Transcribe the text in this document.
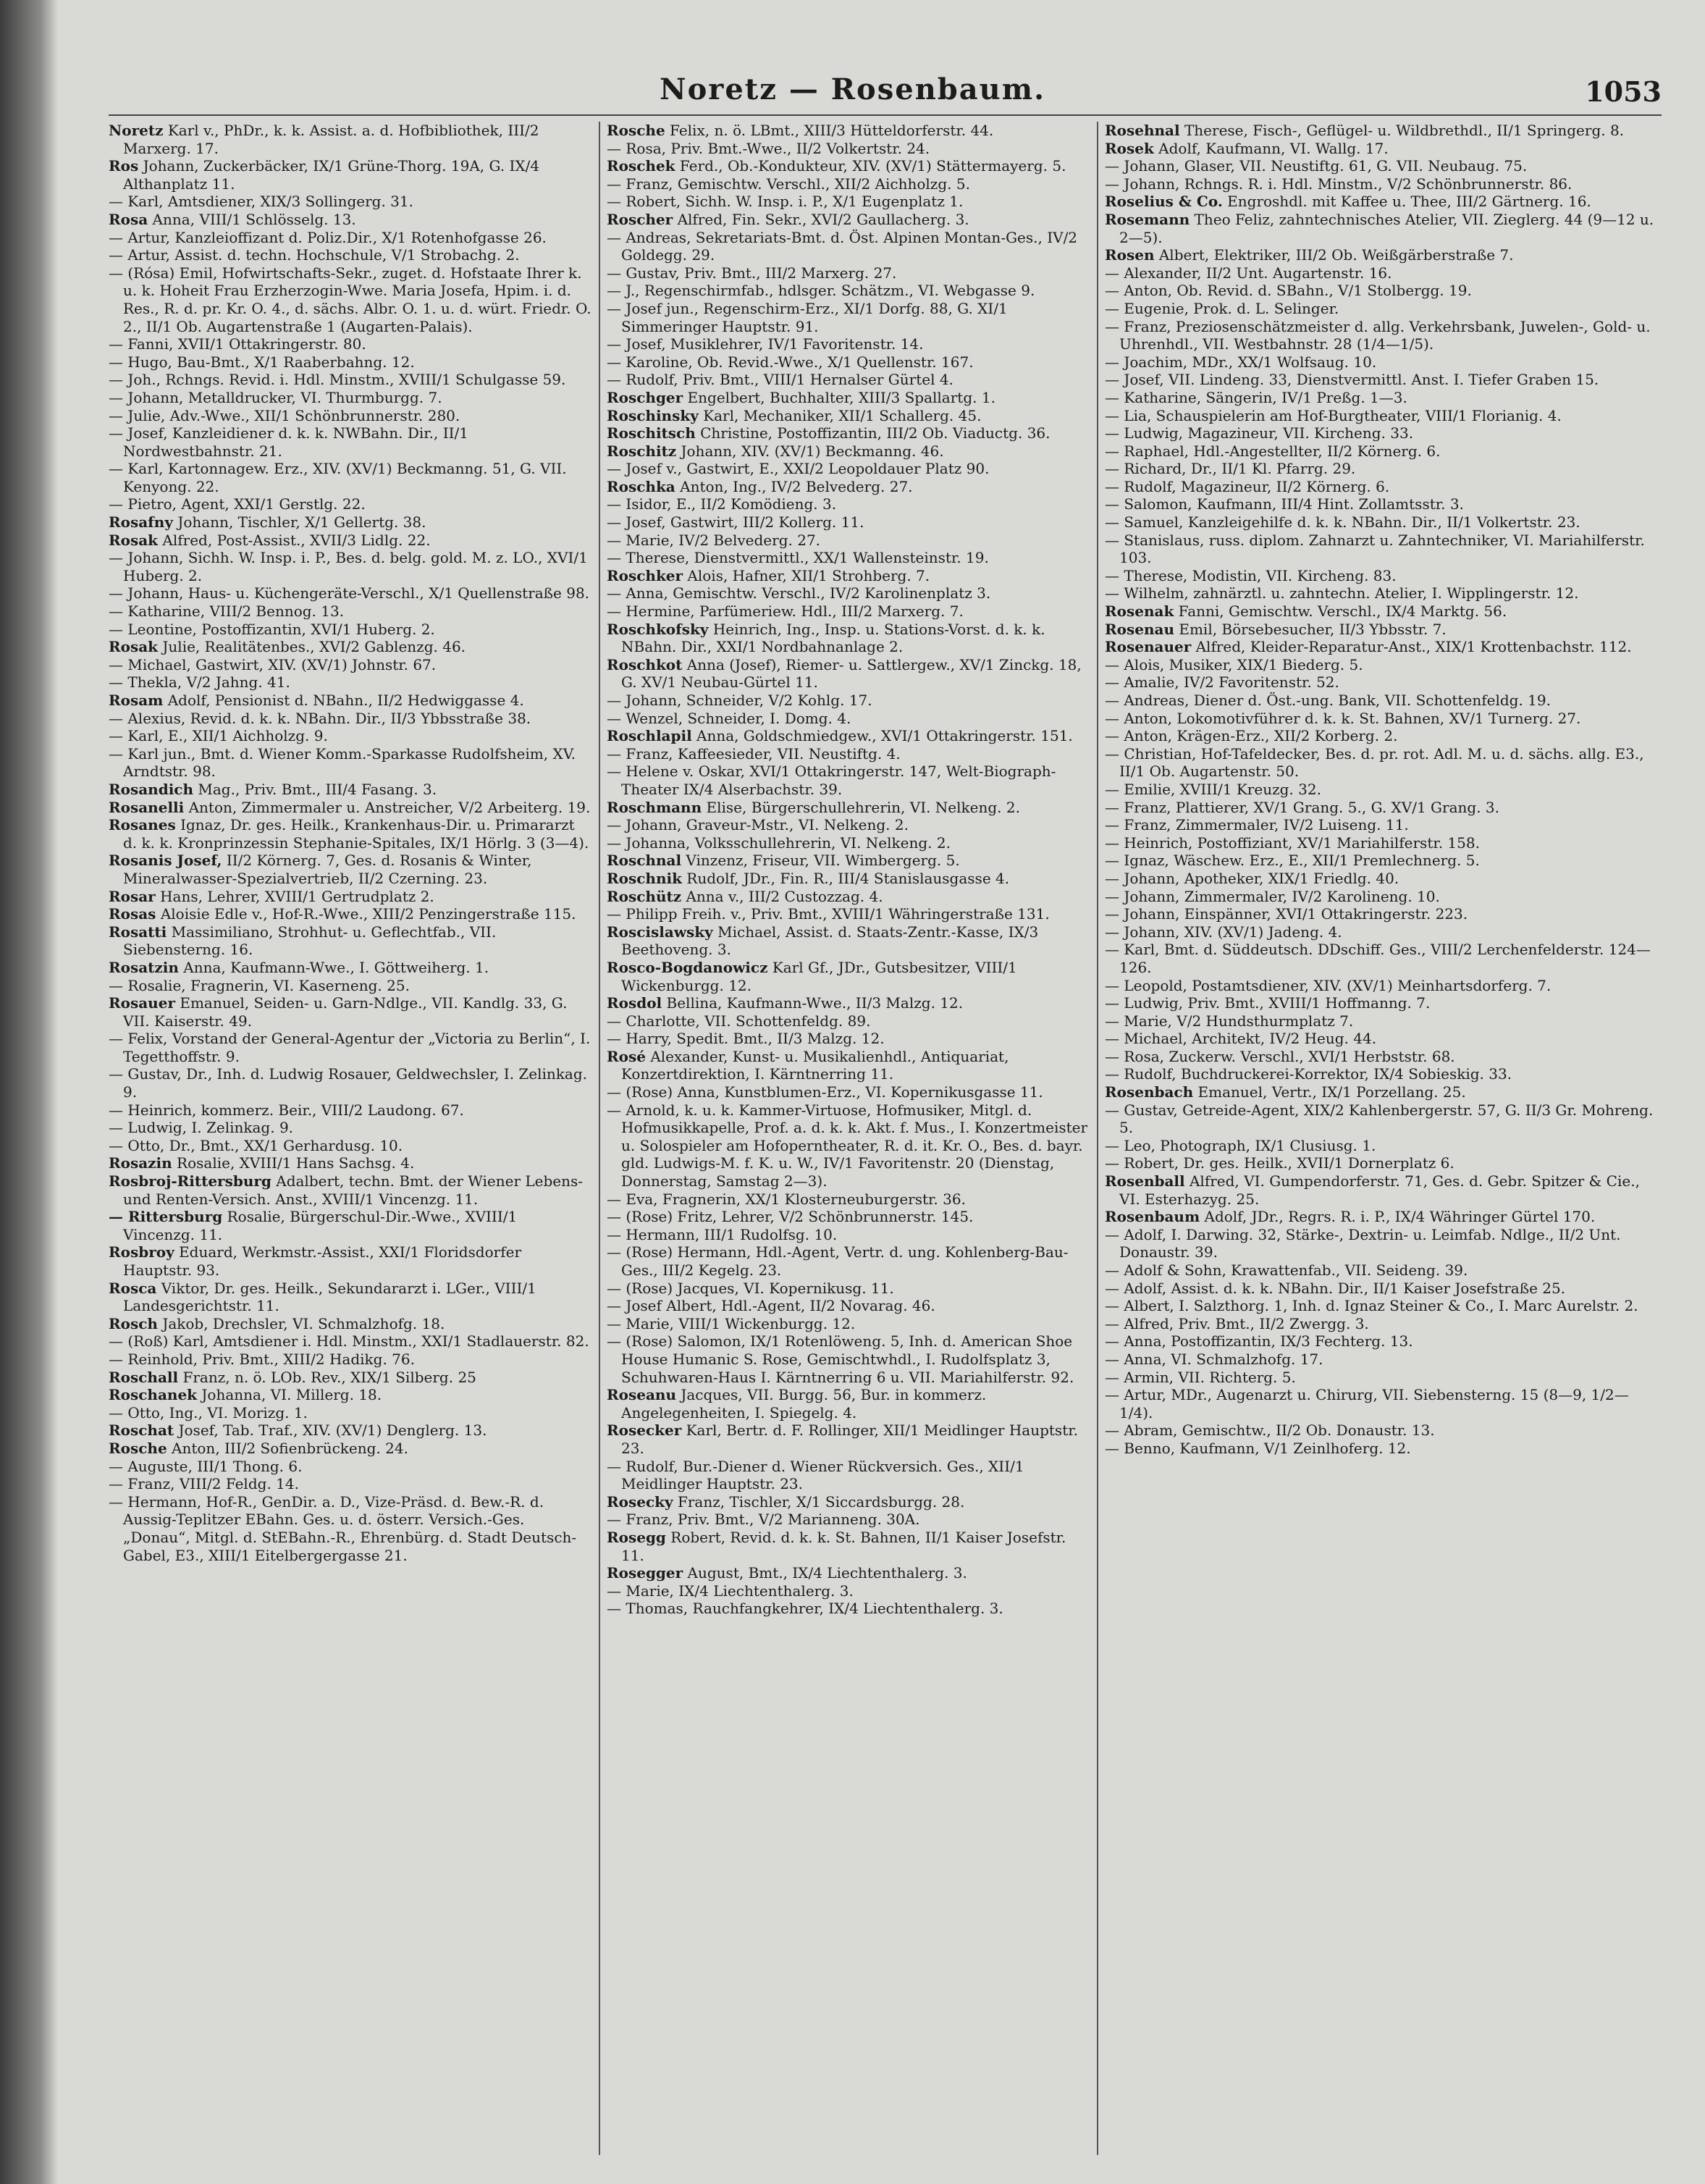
Noretz — Rosenbaum.	1053
Noretz Karl v., PhDr., k. k. Assist. a. d. Hofbibliothek, III/2 Marxerg. 17.
Ros Johann, Zuckerbäcker, IX/1 Grüne-Thorg. 19A, G. IX/4 Althanplatz 11.
— Karl, Amtsdiener, XIX/3 Sollingerg. 31.
Rosa Anna, VIII/1 Schlösselg. 13.
— Artur, Kanzleioffizant d. Poliz.Dir., X/1 Rotenhofgasse 26.
— Artur, Assist. d. techn. Hochschule, V/1 Strobachg. 2.
— (Rósa) Emil, Hofwirtschafts-Sekr., zuget. d. Hofstaate Ihrer k. u. k. Hoheit Frau Erzherzogin-Wwe. Maria Josefa, Hpim. i. d. Res., R. d. pr. Kr. O. 4., d. sächs. Albr. O. 1. u. d. würt. Friedr. O. 2., II/1 Ob. Augartenstraße 1 (Augarten-Palais).
— Fanni, XVII/1 Ottakringerstr. 80.
— Hugo, Bau-Bmt., X/1 Raaberbahng. 12.
— Joh., Rchngs. Revid. i. Hdl. Minstm., XVIII/1 Schulgasse 59.
— Johann, Metalldrucker, VI. Thurmburgg. 7.
— Julie, Adv.-Wwe., XII/1 Schönbrunnerstr. 280.
— Josef, Kanzleidiener d. k. k. NWBahn. Dir., II/1 Nordwestbahnstr. 21.
— Karl, Kartonnagew. Erz., XIV. (XV/1) Beckmanng. 51, G. VII. Kenyong. 22.
— Pietro, Agent, XXI/1 Gerstlg. 22.
Rosafny Johann, Tischler, X/1 Gellertg. 38.
Rosak Alfred, Post-Assist., XVII/3 Lidlg. 22.
— Johann, Sichh. W. Insp. i. P., Bes. d. belg. gold. M. z. LO., XVI/1 Huberg. 2.
— Johann, Haus- u. Küchengeräte-Verschl., X/1 Quellenstraße 98.
— Katharine, VIII/2 Bennog. 13.
— Leontine, Postoffizantin, XVI/1 Huberg. 2.
Rosak Julie, Realitätenbes., XVI/2 Gablenzg. 46.
— Michael, Gastwirt, XIV. (XV/1) Johnstr. 67.
— Thekla, V/2 Jahng. 41.
Rosam Adolf, Pensionist d. NBahn., II/2 Hedwiggasse 4.
— Alexius, Revid. d. k. k. NBahn. Dir., II/3 Ybbsstraße 38.
— Karl, E., XII/1 Aichholzg. 9.
— Karl jun., Bmt. d. Wiener Komm.-Sparkasse Rudolfsheim, XV. Arndtstr. 98.
Rosandich Mag., Priv. Bmt., III/4 Fasang. 3.
Rosanelli Anton, Zimmermaler u. Anstreicher, V/2 Arbeiterg. 19.
Rosanes Ignaz, Dr. ges. Heilk., Krankenhaus-Dir. u. Primararzt d. k. k. Kronprinzessin Stephanie-Spitales, IX/1 Hörlg. 3 (3—4).
Rosanis Josef, II/2 Körnerg. 7, Ges. d. Rosanis & Winter, Mineralwasser-Spezialvertrieb, II/2 Czerning. 23.
Rosar Hans, Lehrer, XVIII/1 Gertrudplatz 2.
Rosas Aloisie Edle v., Hof-R.-Wwe., XIII/2 Penzingerstraße 115.
Rosatti Massimiliano, Strohhut- u. Geflechtfab., VII. Siebensterng. 16.
Rosatzin Anna, Kaufmann-Wwe., I. Göttweiherg. 1.
— Rosalie, Fragnerin, VI. Kaserneng. 25.
Rosauer Emanuel, Seiden- u. Garn-Ndlge., VII. Kandlg. 33, G. VII. Kaiserstr. 49.
— Felix, Vorstand der General-Agentur der „Victoria zu Berlin“, I. Tegetthoffstr. 9.
— Gustav, Dr., Inh. d. Ludwig Rosauer, Geldwechsler, I. Zelinkag. 9.
— Heinrich, kommerz. Beir., VIII/2 Laudong. 67.
— Ludwig, I. Zelinkag. 9.
— Otto, Dr., Bmt., XX/1 Gerhardusg. 10.
Rosazin Rosalie, XVIII/1 Hans Sachsg. 4.
Rosbroj-Rittersburg Adalbert, techn. Bmt. der Wiener Lebens- und Renten-Versich. Anst., XVIII/1 Vincenzg. 11.
— Rittersburg Rosalie, Bürgerschul-Dir.-Wwe., XVIII/1 Vincenzg. 11.
Rosbroy Eduard, Werkmstr.-Assist., XXI/1 Floridsdorfer Hauptstr. 93.
Rosca Viktor, Dr. ges. Heilk., Sekundararzt i. LGer., VIII/1 Landesgerichtstr. 11.
Rosch Jakob, Drechsler, VI. Schmalzhofg. 18.
— (Roß) Karl, Amtsdiener i. Hdl. Minstm., XXI/1 Stadlauerstr. 82.
— Reinhold, Priv. Bmt., XIII/2 Hadikg. 76.
Roschall Franz, n. ö. LOb. Rev., XIX/1 Silberg. 25
Roschanek Johanna, VI. Millerg. 18.
— Otto, Ing., VI. Morizg. 1.
Roschat Josef, Tab. Traf., XIV. (XV/1) Denglerg. 13.
Rosche Anton, III/2 Sofienbrückeng. 24.
— Auguste, III/1 Thong. 6.
— Franz, VIII/2 Feldg. 14.
— Hermann, Hof-R., GenDir. a. D., Vize-Präsd. d. Bew.-R. d. Aussig-Teplitzer EBahn. Ges. u. d. österr. Versich.-Ges. „Donau“, Mitgl. d. StEBahn.-R., Ehrenbürg. d. Stadt Deutsch-Gabel, E3., XIII/1 Eitelbergergasse 21.
Rosche Felix, n. ö. LBmt., XIII/3 Hütteldorferstr. 44.
— Rosa, Priv. Bmt.-Wwe., II/2 Volkertstr. 24.
Roschek Ferd., Ob.-Kondukteur, XIV. (XV/1) Stättermayerg. 5.
— Franz, Gemischtw. Verschl., XII/2 Aichholzg. 5.
— Robert, Sichh. W. Insp. i. P., X/1 Eugenplatz 1.
Roscher Alfred, Fin. Sekr., XVI/2 Gaullacherg. 3.
— Andreas, Sekretariats-Bmt. d. Öst. Alpinen Montan-Ges., IV/2 Goldegg. 29.
— Gustav, Priv. Bmt., III/2 Marxerg. 27.
— J., Regenschirmfab., hdlsger. Schätzm., VI. Webgasse 9.
— Josef jun., Regenschirm-Erz., XI/1 Dorfg. 88, G. XI/1 Simmeringer Hauptstr. 91.
— Josef, Musiklehrer, IV/1 Favoritenstr. 14.
— Karoline, Ob. Revid.-Wwe., X/1 Quellenstr. 167.
— Rudolf, Priv. Bmt., VIII/1 Hernalser Gürtel 4.
Roschger Engelbert, Buchhalter, XIII/3 Spallartg. 1.
Roschinsky Karl, Mechaniker, XII/1 Schallerg. 45.
Roschitsch Christine, Postoffizantin, III/2 Ob. Viaductg. 36.
Roschitz Johann, XIV. (XV/1) Beckmanng. 46.
— Josef v., Gastwirt, E., XXI/2 Leopoldauer Platz 90.
Roschka Anton, Ing., IV/2 Belvederg. 27.
— Isidor, E., II/2 Komödieng. 3.
— Josef, Gastwirt, III/2 Kollerg. 11.
— Marie, IV/2 Belvederg. 27.
— Therese, Dienstvermittl., XX/1 Wallensteinstr. 19.
Roschker Alois, Hafner, XII/1 Strohberg. 7.
— Anna, Gemischtw. Verschl., IV/2 Karolinenplatz 3.
— Hermine, Parfümeriew. Hdl., III/2 Marxerg. 7.
Roschkofsky Heinrich, Ing., Insp. u. Stations-Vorst. d. k. k. NBahn. Dir., XXI/1 Nordbahnanlage 2.
Roschkot Anna (Josef), Riemer- u. Sattlergew., XV/1 Zinckg. 18, G. XV/1 Neubau-Gürtel 11.
— Johann, Schneider, V/2 Kohlg. 17.
— Wenzel, Schneider, I. Domg. 4.
Roschlapil Anna, Goldschmiedgew., XVI/1 Ottakringerstr. 151.
— Franz, Kaffeesieder, VII. Neustiftg. 4.
— Helene v. Oskar, XVI/1 Ottakringerstr. 147, Welt-Biograph-Theater IX/4 Alserbachstr. 39.
Roschmann Elise, Bürgerschullehrerin, VI. Nelkeng. 2.
— Johann, Graveur-Mstr., VI. Nelkeng. 2.
— Johanna, Volksschullehrerin, VI. Nelkeng. 2.
Roschnal Vinzenz, Friseur, VII. Wimbergerg. 5.
Roschnik Rudolf, JDr., Fin. R., III/4 Stanislausgasse 4.
Roschütz Anna v., III/2 Custozzag. 4.
— Philipp Freih. v., Priv. Bmt., XVIII/1 Währingerstraße 131.
Roscislawsky Michael, Assist. d. Staats-Zentr.-Kasse, IX/3 Beethoveng. 3.
Rosco-Bogdanowicz Karl Gf., JDr., Gutsbesitzer, VIII/1 Wickenburgg. 12.
Rosdol Bellina, Kaufmann-Wwe., II/3 Malzg. 12.
— Charlotte, VII. Schottenfeldg. 89.
— Harry, Spedit. Bmt., II/3 Malzg. 12.
Rosé Alexander, Kunst- u. Musikalienhdl., Antiquariat, Konzertdirektion, I. Kärntnerring 11.
— (Rose) Anna, Kunstblumen-Erz., VI. Kopernikusgasse 11.
— Arnold, k. u. k. Kammer-Virtuose, Hofmusiker, Mitgl. d. Hofmusikkapelle, Prof. a. d. k. k. Akt. f. Mus., I. Konzertmeister u. Solospieler am Hofoperntheater, R. d. it. Kr. O., Bes. d. bayr. gld. Ludwigs-M. f. K. u. W., IV/1 Favoritenstr. 20 (Dienstag, Donnerstag, Samstag 2—3).
— Eva, Fragnerin, XX/1 Klosterneuburgerstr. 36.
— (Rose) Fritz, Lehrer, V/2 Schönbrunnerstr. 145.
— Hermann, III/1 Rudolfsg. 10.
— (Rose) Hermann, Hdl.-Agent, Vertr. d. ung. Kohlenberg-Bau-Ges., III/2 Kegelg. 23.
— (Rose) Jacques, VI. Kopernikusg. 11.
— Josef Albert, Hdl.-Agent, II/2 Novarag. 46.
— Marie, VIII/1 Wickenburgg. 12.
— (Rose) Salomon, IX/1 Rotenlöweng. 5, Inh. d. American Shoe House Humanic S. Rose, Gemischtwhdl., I. Rudolfsplatz 3, Schuhwaren-Haus I. Kärntnerring 6 u. VII. Mariahilferstr. 92.
Roseanu Jacques, VII. Burgg. 56, Bur. in kommerz. Angelegenheiten, I. Spiegelg. 4.
Rosecker Karl, Bertr. d. F. Rollinger, XII/1 Meidlinger Hauptstr. 23.
— Rudolf, Bur.-Diener d. Wiener Rückversich. Ges., XII/1 Meidlinger Hauptstr. 23.
Rosecky Franz, Tischler, X/1 Siccardsburgg. 28.
— Franz, Priv. Bmt., V/2 Marianneng. 30A.
Rosegg Robert, Revid. d. k. k. St. Bahnen, II/1 Kaiser Josefstr. 11.
Rosegger August, Bmt., IX/4 Liechtenthalerg. 3.
— Marie, IX/4 Liechtenthalerg. 3.
— Thomas, Rauchfangkehrer, IX/4 Liechtenthalerg. 3.
Rosehnal Therese, Fisch-, Geflügel- u. Wildbrethdl., II/1 Springerg. 8.
Rosek Adolf, Kaufmann, VI. Wallg. 17.
— Johann, Glaser, VII. Neustiftg. 61, G. VII. Neubaug. 75.
— Johann, Rchngs. R. i. Hdl. Minstm., V/2 Schönbrunnerstr. 86.
Roselius & Co. Engroshdl. mit Kaffee u. Thee, III/2 Gärtnerg. 16.
Rosemann Theo Feliz, zahntechnisches Atelier, VII. Zieglerg. 44 (9—12 u. 2—5).
Rosen Albert, Elektriker, III/2 Ob. Weißgärberstraße 7.
— Alexander, II/2 Unt. Augartenstr. 16.
— Anton, Ob. Revid. d. SBahn., V/1 Stolbergg. 19.
— Eugenie, Prok. d. L. Selinger.
— Franz, Preziosenschätzmeister d. allg. Verkehrsbank, Juwelen-, Gold- u. Uhrenhdl., VII. Westbahnstr. 28 (1/4—1/5).
— Joachim, MDr., XX/1 Wolfsaug. 10.
— Josef, VII. Lindeng. 33, Dienstvermittl. Anst. I. Tiefer Graben 15.
— Katharine, Sängerin, IV/1 Preßg. 1—3.
— Lia, Schauspielerin am Hof-Burgtheater, VIII/1 Florianig. 4.
— Ludwig, Magazineur, VII. Kircheng. 33.
— Raphael, Hdl.-Angestellter, II/2 Körnerg. 6.
— Richard, Dr., II/1 Kl. Pfarrg. 29.
— Rudolf, Magazineur, II/2 Körnerg. 6.
— Salomon, Kaufmann, III/4 Hint. Zollamtsstr. 3.
— Samuel, Kanzleigehilfe d. k. k. NBahn. Dir., II/1 Volkertstr. 23.
— Stanislaus, russ. diplom. Zahnarzt u. Zahntechniker, VI. Mariahilferstr. 103.
— Therese, Modistin, VII. Kircheng. 83.
— Wilhelm, zahnärztl. u. zahntechn. Atelier, I. Wipplingerstr. 12.
Rosenak Fanni, Gemischtw. Verschl., IX/4 Marktg. 56.
Rosenau Emil, Börsebesucher, II/3 Ybbsstr. 7.
Rosenauer Alfred, Kleider-Reparatur-Anst., XIX/1 Krottenbachstr. 112.
— Alois, Musiker, XIX/1 Biederg. 5.
— Amalie, IV/2 Favoritenstr. 52.
— Andreas, Diener d. Öst.-ung. Bank, VII. Schottenfeldg. 19.
— Anton, Lokomotivführer d. k. k. St. Bahnen, XV/1 Turnerg. 27.
— Anton, Krägen-Erz., XII/2 Korberg. 2.
— Christian, Hof-Tafeldecker, Bes. d. pr. rot. Adl. M. u. d. sächs. allg. E3., II/1 Ob. Augartenstr. 50.
— Emilie, XVIII/1 Kreuzg. 32.
— Franz, Plattierer, XV/1 Grang. 5., G. XV/1 Grang. 3.
— Franz, Zimmermaler, IV/2 Luiseng. 11.
— Heinrich, Postoffiziant, XV/1 Mariahilferstr. 158.
— Ignaz, Wäschew. Erz., E., XII/1 Premlechnerg. 5.
— Johann, Apotheker, XIX/1 Friedlg. 40.
— Johann, Zimmermaler, IV/2 Karolineng. 10.
— Johann, Einspänner, XVI/1 Ottakringerstr. 223.
— Johann, XIV. (XV/1) Jadeng. 4.
— Karl, Bmt. d. Süddeutsch. DDschiff. Ges., VIII/2 Lerchenfelderstr. 124—126.
— Leopold, Postamtsdiener, XIV. (XV/1) Meinhartsdorferg. 7.
— Ludwig, Priv. Bmt., XVIII/1 Hoffmanng. 7.
— Marie, V/2 Hundsthurmplatz 7.
— Michael, Architekt, IV/2 Heug. 44.
— Rosa, Zuckerw. Verschl., XVI/1 Herbststr. 68.
— Rudolf, Buchdruckerei-Korrektor, IX/4 Sobieskig. 33.
Rosenbach Emanuel, Vertr., IX/1 Porzellang. 25.
— Gustav, Getreide-Agent, XIX/2 Kahlenbergerstr. 57, G. II/3 Gr. Mohreng. 5.
— Leo, Photograph, IX/1 Clusiusg. 1.
— Robert, Dr. ges. Heilk., XVII/1 Dornerplatz 6.
Rosenball Alfred, VI. Gumpendorferstr. 71, Ges. d. Gebr. Spitzer & Cie., VI. Esterhazyg. 25.
Rosenbaum Adolf, JDr., Regrs. R. i. P., IX/4 Währinger Gürtel 170.
— Adolf, I. Darwing. 32, Stärke-, Dextrin- u. Leimfab. Ndlge., II/2 Unt. Donaustr. 39.
— Adolf & Sohn, Krawattenfab., VII. Seideng. 39.
— Adolf, Assist. d. k. k. NBahn. Dir., II/1 Kaiser Josefstraße 25.
— Albert, I. Salzthorg. 1, Inh. d. Ignaz Steiner & Co., I. Marc Aurelstr. 2.
— Alfred, Priv. Bmt., II/2 Zwergg. 3.
— Anna, Postoffizantin, IX/3 Fechterg. 13.
— Anna, VI. Schmalzhofg. 17.
— Armin, VII. Richterg. 5.
— Artur, MDr., Augenarzt u. Chirurg, VII. Siebensterng. 15 (8—9, 1/2—1/4).
— Abram, Gemischtw., II/2 Ob. Donaustr. 13.
— Benno, Kaufmann, V/1 Zeinlhoferg. 12.
